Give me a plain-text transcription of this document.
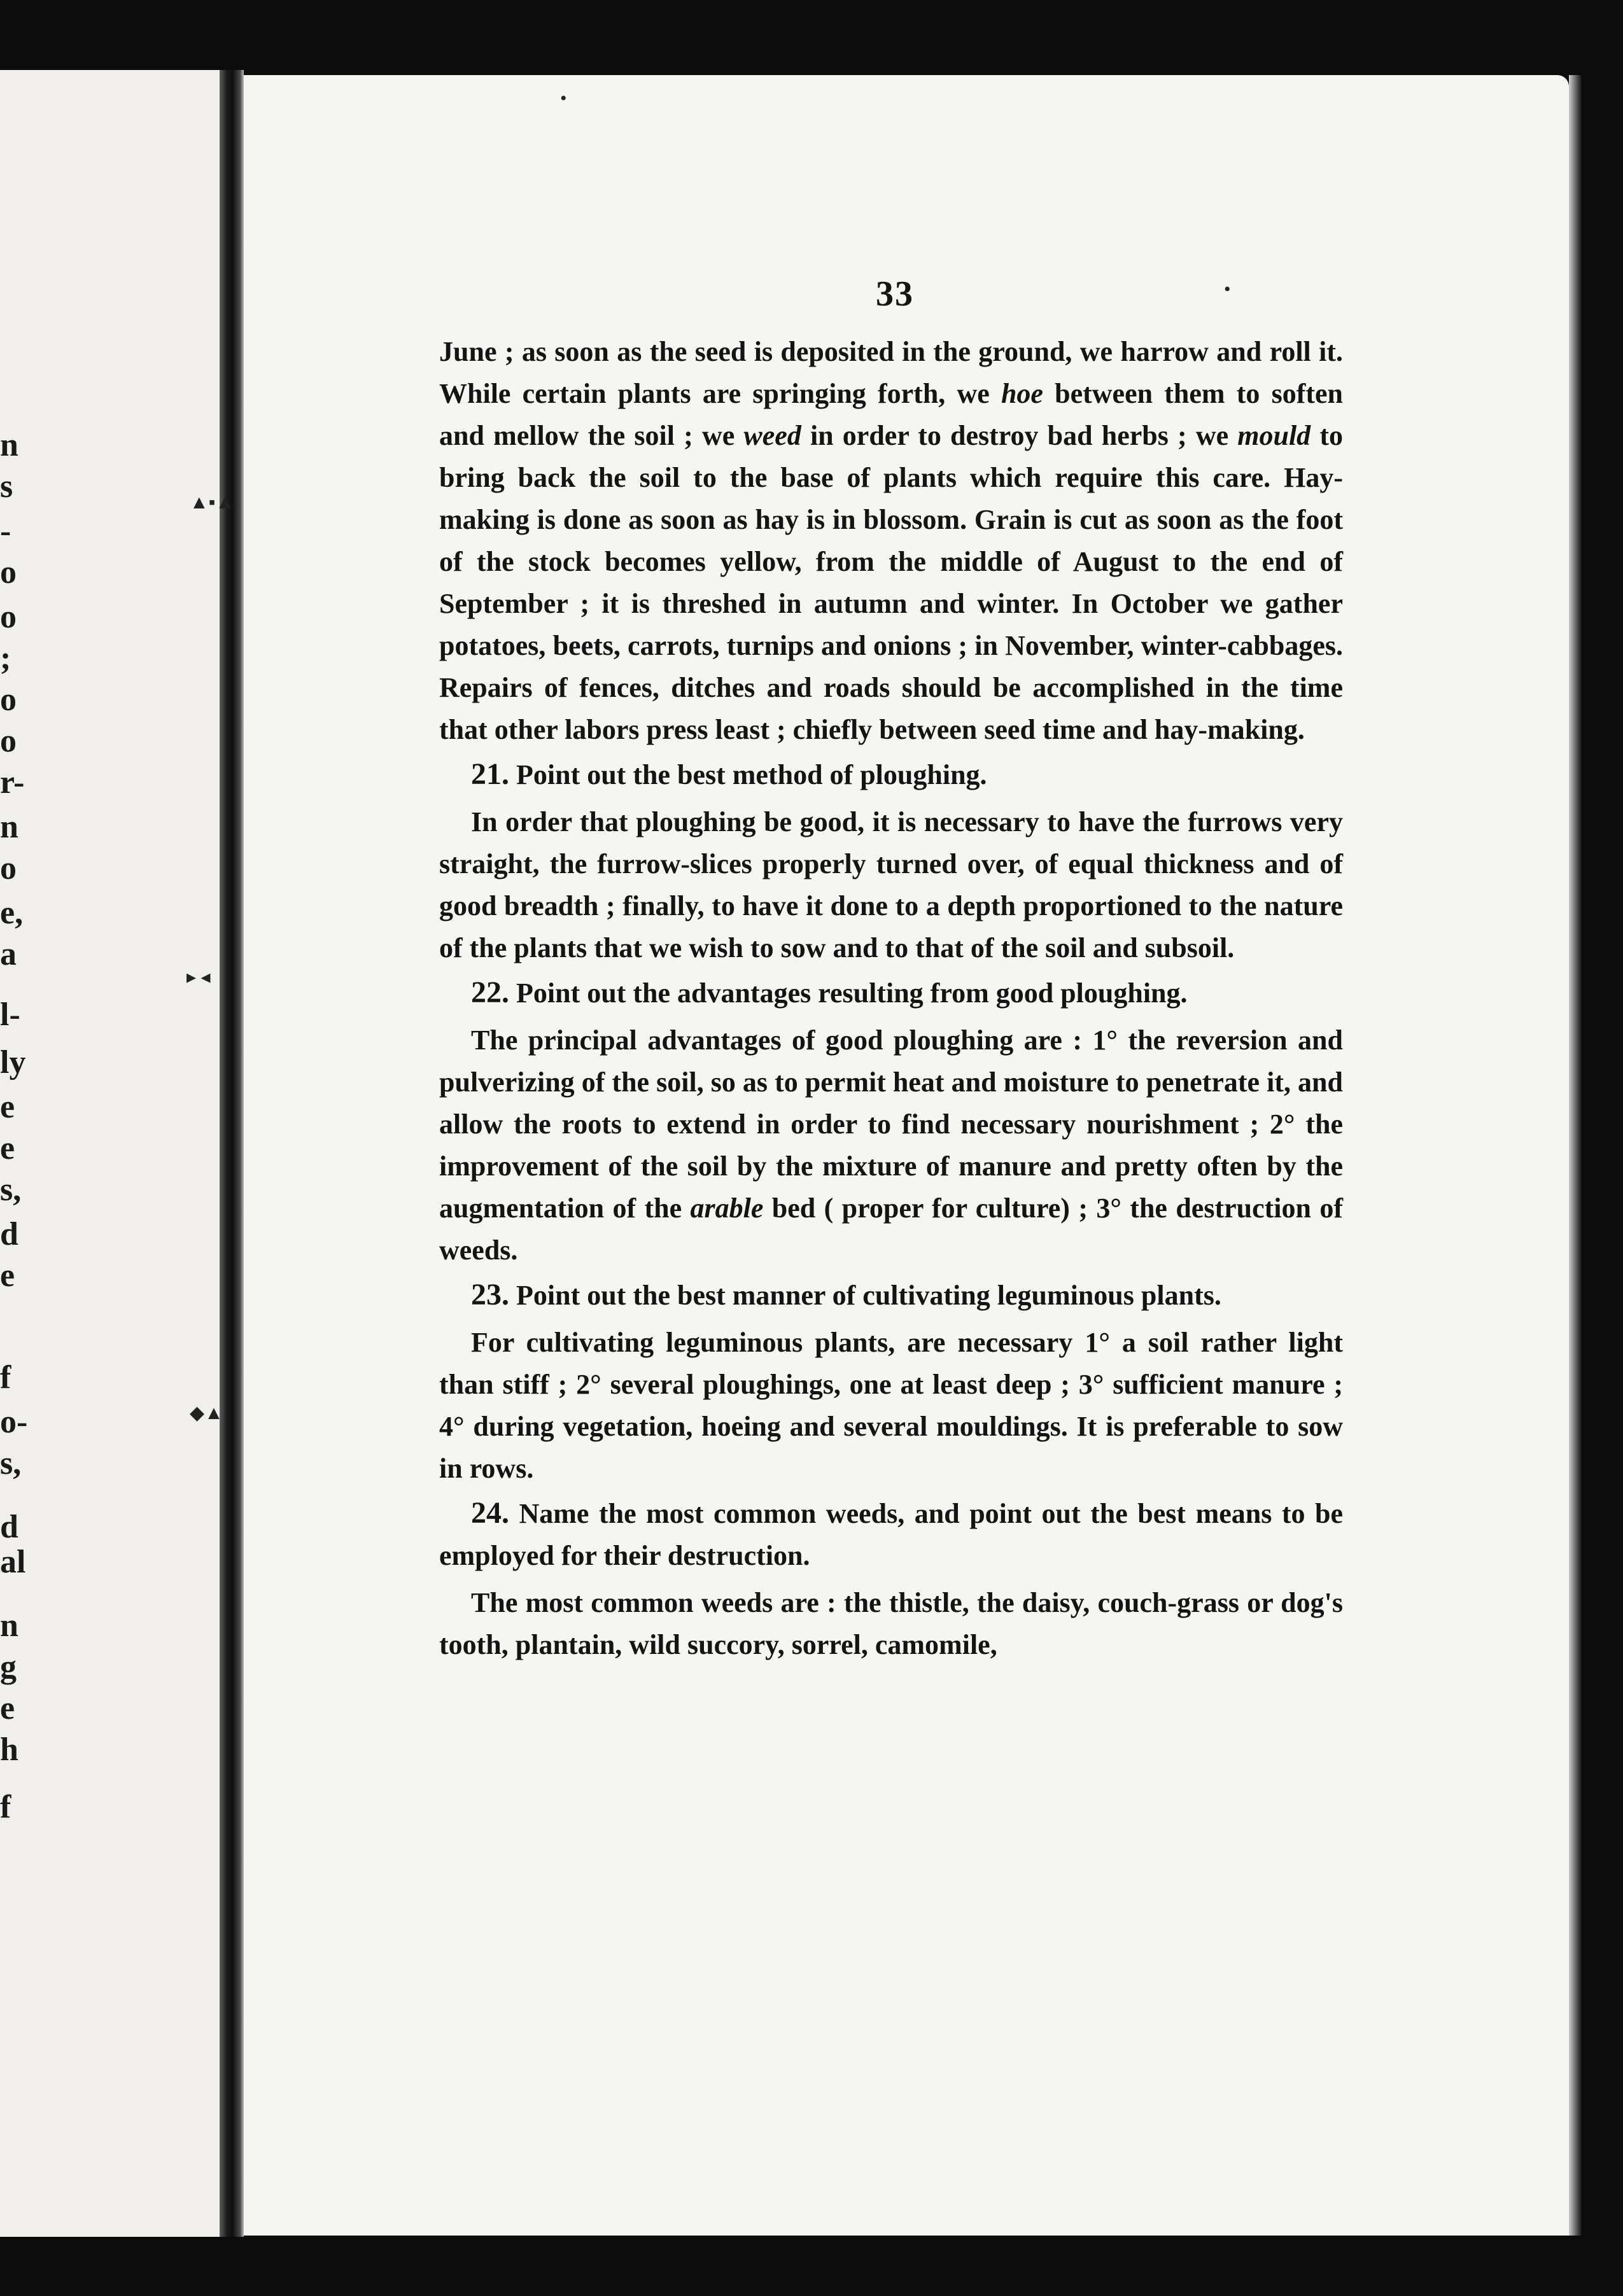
n
s
-
o
o
;
o
o
r-
n
o
e,
a
l-
ly
e
e
s,
d
e
f
o-
s,
d
al
n
g
e
h
f
•
•
▲▪▲
▸ ◂
◆▲
33

June ; as soon as the seed is deposited in the ground, we harrow and roll it. While certain plants are springing forth, we hoe between them to soften and mellow the soil ; we weed in order to destroy bad herbs ; we mould to bring back the soil to the base of plants which require this care. Hay-making is done as soon as hay is in blossom. Grain is cut as soon as the foot of the stock becomes yellow, from the middle of August to the end of September ; it is threshed in autumn and winter. In October we gather potatoes, beets, carrots, turnips and onions ; in November, winter-cabbages. Repairs of fences, ditches and roads should be accomplished in the time that other labors press least ; chiefly between seed time and hay-making.

21. Point out the best method of ploughing.

In order that ploughing be good, it is necessary to have the furrows very straight, the furrow-slices properly turned over, of equal thickness and of good breadth ; finally, to have it done to a depth proportioned to the nature of the plants that we wish to sow and to that of the soil and subsoil.

22. Point out the advantages resulting from good ploughing.

The principal advantages of good ploughing are : 1° the reversion and pulverizing of the soil, so as to permit heat and moisture to penetrate it, and allow the roots to extend in order to find necessary nourishment ; 2° the improvement of the soil by the mixture of manure and pretty often by the augmentation of the arable bed ( proper for culture) ; 3° the destruction of weeds.

23. Point out the best manner of cultivating leguminous plants.

For cultivating leguminous plants, are necessary 1° a soil rather light than stiff ; 2° several ploughings, one at least deep ; 3° sufficient manure ; 4° during vegetation, hoeing and several mouldings. It is preferable to sow in rows.

24. Name the most common weeds, and point out the best means to be employed for their destruction.

The most common weeds are : the thistle, the daisy, couch-grass or dog's tooth, plantain, wild succory, sorrel, camomile,
